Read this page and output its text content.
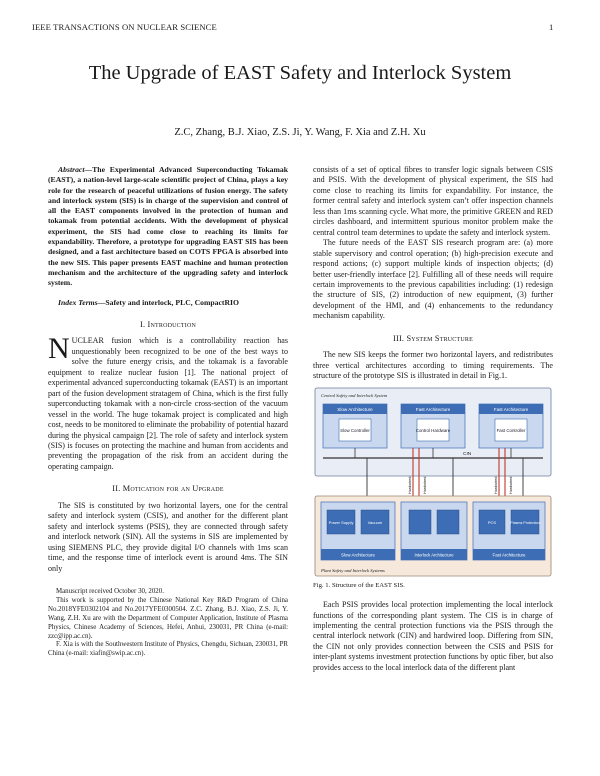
IEEE TRANSACTIONS ON NUCLEAR SCIENCE	1
The Upgrade of EAST Safety and Interlock System
Z.C, Zhang, B.J. Xiao, Z.S. Ji, Y. Wang, F. Xia and Z.H. Xu

Abstract—The Experimental Advanced Superconducting Tokamak (EAST), a nation-level large-scale scientific project of China, plays a key role for the research of peaceful utilizations of fusion energy. The safety and interlock system (SIS) is in charge of the supervision and control of all the EAST components involved in the protection of human and tokamak from potential accidents. With the development of physical experiment, the SIS had come close to reaching its limits for expandability. Therefore, a prototype for upgrading EAST SIS has been designed, and a fast architecture based on COTS FPGA is absorbed into the new SIS. This paper presents EAST machine and human protection mechanism and the architecture of the upgrading safety and interlock system.

Index Terms—Safety and interlock, PLC, CompactRIO

I. Introduction

NUCLEAR fusion which is a controllability reaction has unquestionably been recognized to be one of the best ways to solve the future energy crisis, and the tokamak is a favorable equipment to realize nuclear fusion [1]. The national project of experimental advanced superconducting tokamak (EAST) is an important part of the fusion development stratagem of China, which is the first fully superconducting tokamak with a non-circle cross-section of the vacuum vessel in the world. The huge tokamak project is complicated and high cost, needs to be monitored to eliminate the probability of potential hazard during the physical campaign [2]. The role of safety and interlock system (SIS) is focuses on protecting the machine and human from accidents and preventing the propagation of the risk from an accident during the operating campaign.

II. Motication for an Upgrade

The SIS is constituted by two horizontal layers, one for the central safety and interlock system (CSIS), and another for the different plant safety and interlock systems (PSIS), they are connected through safety and interlock network (SIN). All the systems in SIS are implemented by using SIEMENS PLC, they provide digital I/O channels with 1ms scan time, and the response time of interlock event is around 4ms. The SIN only

Manuscript received October 30, 2020.

This work is supported by the Chinese National Key R&D Program of China No.2018YFE0302104 and No.2017YFE0300504. Z.C. Zhang, B.J. Xiao, Z.S. Ji, Y. Wang, Z.H. Xu are with the Department of Computer Application, Institute of Plasma Physics, Chinese Academy of Sciences, Hefei, Anhui, 230031, PR China (e-mail: zzc@ipp.ac.cn).

F. Xia is with the Southwestern Institute of Physics, Chengdu, Sichuan, 230031, PR China (e-mail: xiafin@swip.ac.cn).

consists of a set of optical fibres to transfer logic signals between CSIS and PSIS. With the development of physical experiment, the SIS had come close to reaching its limits for expandability. For instance, the former central safety and interlock system can’t offer inspection channels less than 1ms scanning cycle. What more, the primitive GREEN and RED circles dashboard, and intermittent spurious monitor problem make the central control team determines to update the safety and interlock system.

The future needs of the EAST SIS research program are: (a) more stable supervisory and control operation; (b) high-precision execute and respond actions; (c) support multiple kinds of inspection objects; (d) better user-friendly interface [2]. Fulfilling all of these needs will require certain improvements to the previous capabilities including: (1) redesign the structure of SIS, (2) introduction of new equipment, (3) further development of the HMI, and (4) enhancements to the redundancy mechanism capability.

III. System Structure

The new SIS keeps the former two horizontal layers, and redistributes three vertical architectures according to timing requirements. The structure of the prototype SIS is illustrated in detail in Fig.1.

Central Safety and Interlock System
Slow Architecture
Slow Controller
Fast Architecture
Control Hardware
Fast Architecture
Fast Controller
CIN
Hardwired	Hardwired	Hardwired	Hardwired
Plant Safety and Interlock Systems
Power Supply	Vacuum
Slow Architecture	Interlock Architecture
PCS	Plasma Protection
Fast Architecture
Fig. 1. Structure of the EAST SIS.

Each PSIS provides local protection implementing the local interlock functions of the corresponding plant system. The CIS is in charge of implementing the central protection functions via the PSIS through the central interlock network (CIN) and hardwired loop. Differing from SIN, the CIN not only provides connection between the CSIS and PSIS for inter-plant systems investment protection functions by optic fiber, but also provides access to the local interlock data of the different plant
